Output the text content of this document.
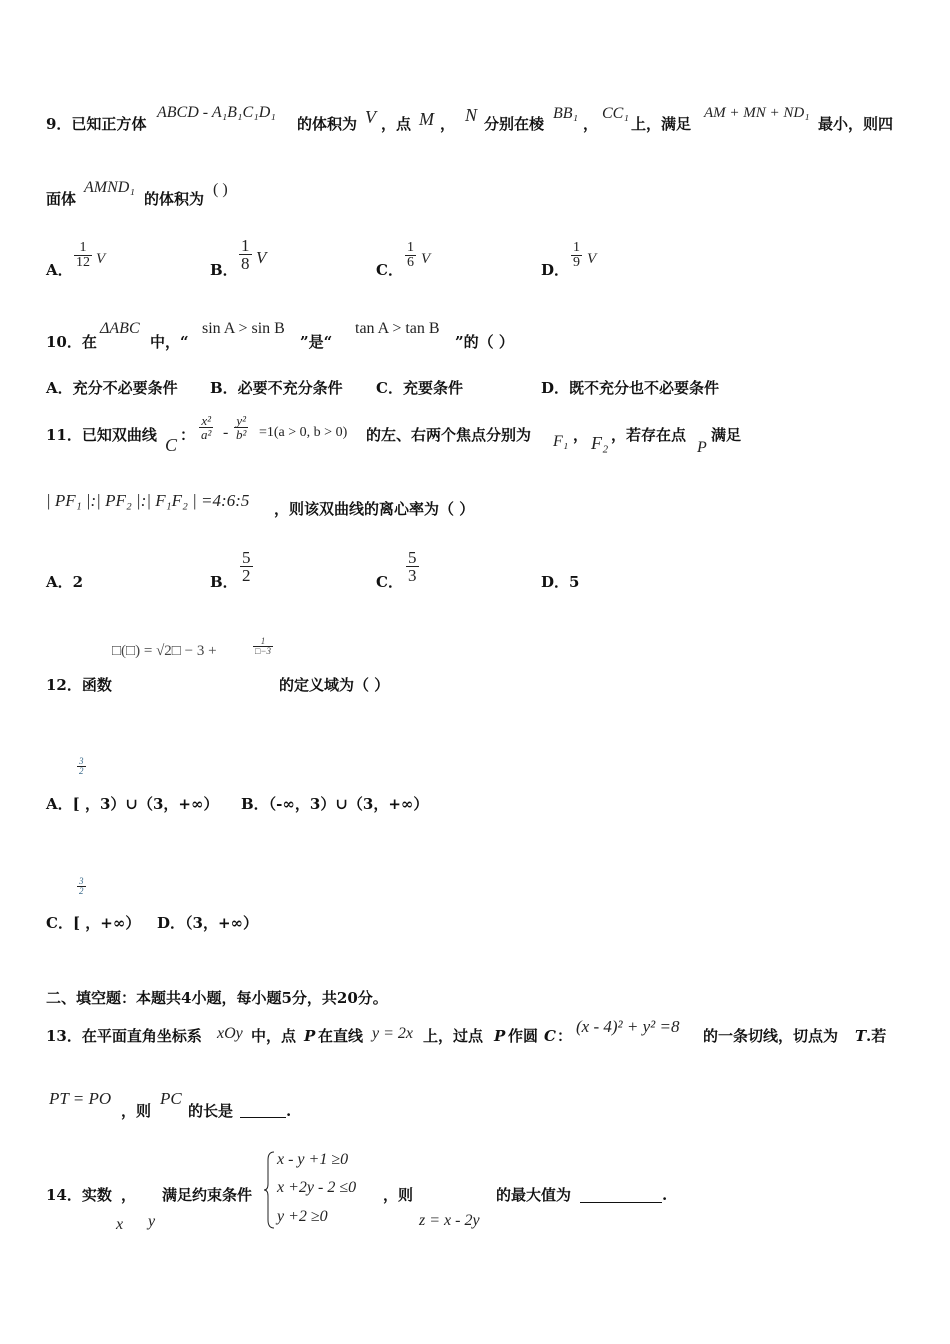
9．已知正方体
ABCD - A₁B₁C₁D₁
的体积为 V ，点 M ， N 分别在棱
BB₁
，
CC₁
上，满足
AM + MN + ND₁
最小，则四
面体
AMND₁
的体积为
( )
A． $\frac{1}{12}$ V
B． $\frac{1}{8}$ V
C． $\frac{1}{6}$ V
D． $\frac{1}{9}$ V
10．在
ΔABC
中，“
sin A > sin B
”是“
tan A > tan B
”的（ ）
A．充分不必要条件 B．必要不充分条件 C．充要条件	D．既不充分也不必要条件
11．已知双曲线 C ： $\frac{\text{x²}}{\text{a²}} - \frac{\text{y²}}{\text{b²}} =1(a > 0$, b > 0) 的左、右两个焦点分别为 F₁ ， F₂ ，若存在点
P
满足
| PF₁ |:| PF₂ |:| F₁F₂ | =4:6:5 ，则该双曲线的离心率为（ ）
A．2	B． $\frac{5}{2}$	C． $\frac{5}{3}$	D．5
□(□) = √2□ − 3 +	$\frac{1}{□-3}$
12．函数	的定义域为（ ）
$\frac{3}{2}$
A．[ ，3）∪（3，+∞） B．（-∞，3）∪（3，+∞）
$\frac{3}{2}$
C．[ ，+∞） D．（3，+∞）
二、填空题：本题共4小题，每小题5分，共20分。
13．在平面直角坐标系 xOy 中，点 P 在直线 y = 2x 上，过点 P 作圆 C ： (x - 4)² + y² =8 的一条切线，切点为 T .若
PT = PO
，则
PC
的长是	.
14．实数
x
，
y
满足约束条件
x - y +1 ≥0
x +2y - 2 ≤0
y +2 ≥0
，则
z = x - 2y
的最大值为	.
